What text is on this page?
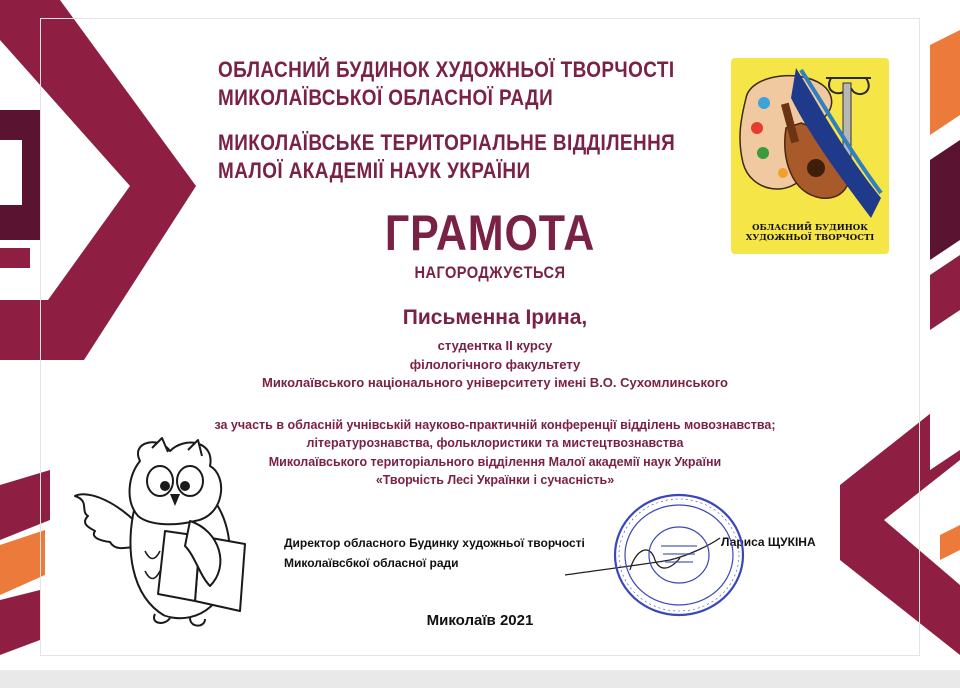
ОБЛАСНИЙ БУДИНОК ХУДОЖНЬОЇ ТВОРЧОСТІ
МИКОЛАЇВСЬКОЇ ОБЛАСНОЇ РАДИ
МИКОЛАЇВСЬКЕ ТЕРИТОРІАЛЬНЕ ВІДДІЛЕННЯ
МАЛОЇ АКАДЕМІЇ НАУК УКРАЇНИ
ОБЛАСНИЙ БУДИНОК
ХУДОЖНЬОЇ ТВОРЧОСТІ
ГРАМОТА
НАГОРОДЖУЄТЬСЯ
Письменна Ірина,
студентка ІІ курсу
філологічного факультету
Миколаївського національного університету імені В.О. Сухомлинського
за участь в обласній учнівській науково-практичній конференції відділень мовознавства;
літературознавства, фольклористики та мистецтвознавства
Миколаївського територіального відділення Малої академії наук України
«Творчість Лесі Українки і сучасність»
Директор обласного Будинку художньої творчості
Миколаївсбкої обласної ради
Лариса ЩУКІНА
Миколаїв 2021
